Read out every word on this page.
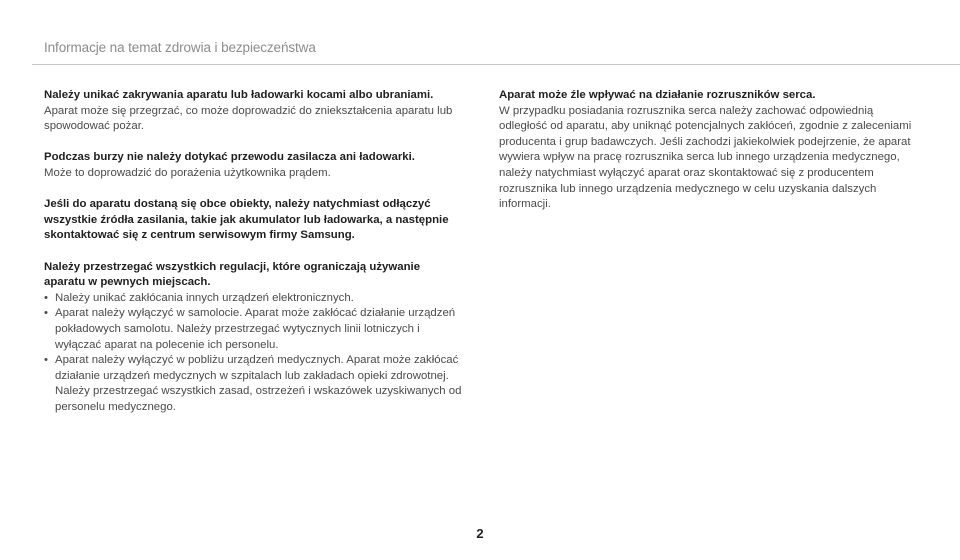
Informacje na temat zdrowia i bezpieczeństwa
Należy unikać zakrywania aparatu lub ładowarki kocami albo ubraniami.
Aparat może się przegrzać, co może doprowadzić do zniekształcenia aparatu lub spowodować pożar.
Podczas burzy nie należy dotykać przewodu zasilacza ani ładowarki.
Może to doprowadzić do porażenia użytkownika prądem.
Jeśli do aparatu dostaną się obce obiekty, należy natychmiast odłączyć wszystkie źródła zasilania, takie jak akumulator lub ładowarka, a następnie skontaktować się z centrum serwisowym firmy Samsung.
Należy przestrzegać wszystkich regulacji, które ograniczają używanie aparatu w pewnych miejscach.
• Należy unikać zakłócania innych urządzeń elektronicznych.
• Aparat należy wyłączyć w samolocie. Aparat może zakłócać działanie urządzeń pokładowych samolotu. Należy przestrzegać wytycznych linii lotniczych i wyłączać aparat na polecenie ich personelu.
• Aparat należy wyłączyć w pobliżu urządzeń medycznych. Aparat może zakłócać działanie urządzeń medycznych w szpitalach lub zakładach opieki zdrowotnej. Należy przestrzegać wszystkich zasad, ostrzeżeń i wskazówek uzyskiwanych od personelu medycznego.
Aparat może źle wpływać na działanie rozruszników serca.
W przypadku posiadania rozrusznika serca należy zachować odpowiednią odległość od aparatu, aby uniknąć potencjalnych zakłóceń, zgodnie z zaleceniami producenta i grup badawczych. Jeśli zachodzi jakiekolwiek podejrzenie, że aparat wywiera wpływ na pracę rozrusznika serca lub innego urządzenia medycznego, należy natychmiast wyłączyć aparat oraz skontaktować się z producentem rozrusznika lub innego urządzenia medycznego w celu uzyskania dalszych informacji.
2
